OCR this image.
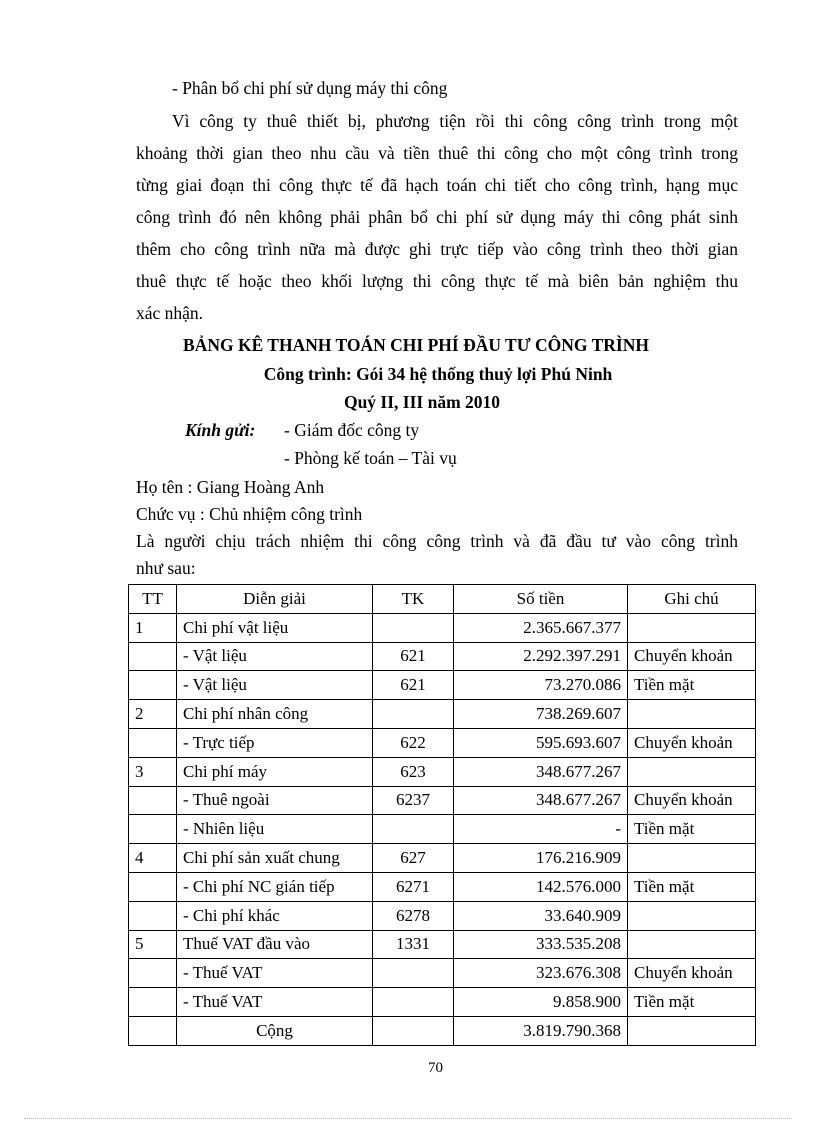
- Phân bổ chi phí sử dụng máy thi công
Vì công ty thuê thiết bị, phương tiện rồi thi công công trình trong một
khoảng thời gian theo nhu cầu và tiền thuê thi công cho một công trình trong
từng giai đoạn thi công thực tế đã hạch toán chi tiết cho công trình, hạng mục
công trình đó nên không phải phân bổ chi phí sử dụng máy thi công phát sinh
thêm cho công trình nữa mà được ghi trực tiếp vào công trình theo thời gian
thuê thực tế hoặc theo khối lượng thi công thực tế mà biên bản nghiệm thu
xác nhận.
BẢNG KÊ THANH TOÁN CHI PHÍ ĐẦU TƯ CÔNG TRÌNH
Công trình: Gói 34 hệ thống thuỷ lợi Phú Ninh
Quý II, III năm 2010
Kính gửi: - Giám đốc công ty
- Phòng kế toán – Tài vụ
Họ tên : Giang Hoàng Anh
Chức vụ : Chủ nhiệm công trình
Là người chịu trách nhiệm thi công công trình và đã đầu tư vào công trình
như sau:
TT	Diễn giải	TK	Số tiền	Ghi chú
1	Chi phí vật liệu		2.365.667.377	
	- Vật liệu	621	2.292.397.291	Chuyển khoản
	- Vật liệu	621	73.270.086	Tiền mặt
2	Chi phí nhân công		738.269.607	
	- Trực tiếp	622	595.693.607	Chuyển khoản
3	Chi phí máy	623	348.677.267	
	- Thuê ngoài	6237	348.677.267	Chuyển khoản
	- Nhiên liệu		-	Tiền mặt
4	Chi phí sản xuất chung	627	176.216.909	
	- Chi phí NC gián tiếp	6271	142.576.000	Tiền mặt
	- Chi phí khác	6278	33.640.909	
5	Thuế VAT đầu vào	1331	333.535.208	
	- Thuế VAT		323.676.308	Chuyển khoản
	- Thuế VAT		9.858.900	Tiền mặt
	Cộng		3.819.790.368	
70
